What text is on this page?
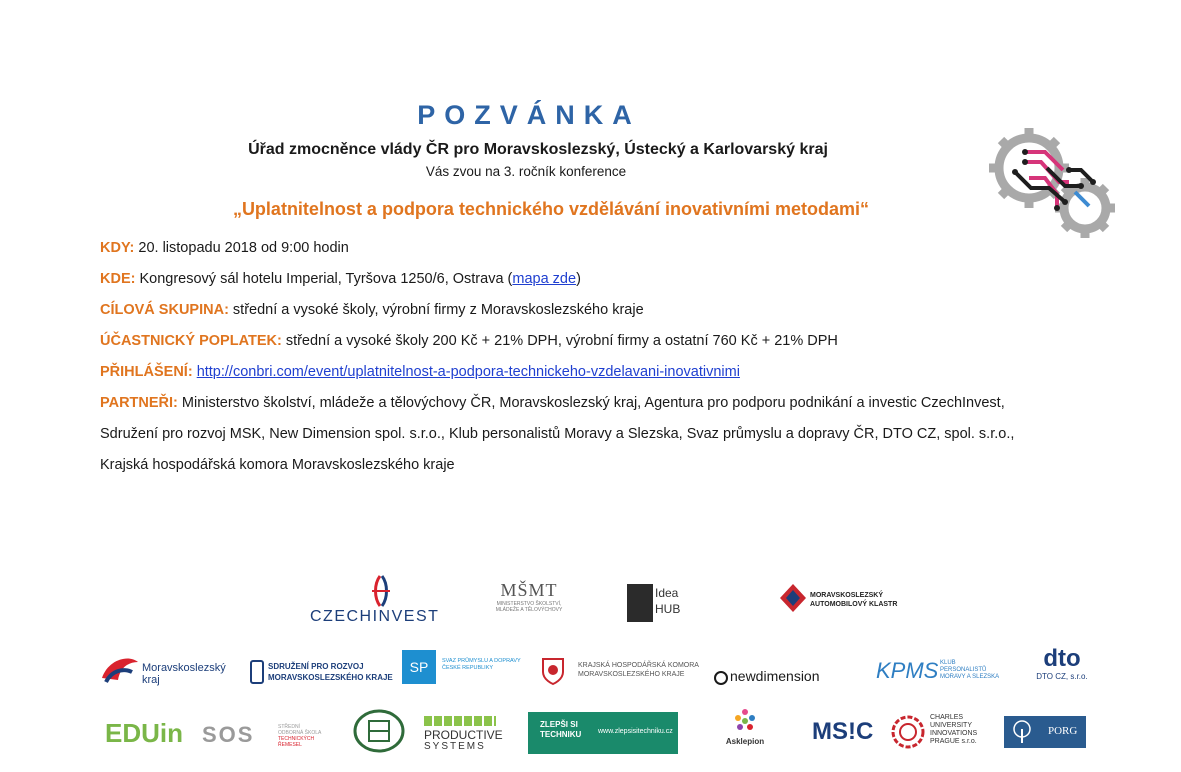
POZVÁNKA
Úřad zmocněnce vlády ČR pro Moravskoslezský, Ústecký a Karlovarský kraj
Vás zvou na 3. ročník konference
„Uplatnitelnost a podpora technického vzdělávání inovativními metodami“
KDY: 20. listopadu 2018 od 9:00 hodin
KDE: Kongresový sál hotelu Imperial, Tyršova 1250/6, Ostrava (mapa zde)
CÍLOVÁ SKUPINA: střední a vysoké školy, výrobní firmy z Moravskoslezského kraje
ÚČASTNICKÝ POPLATEK: střední a vysoké školy 200 Kč + 21% DPH, výrobní firmy a ostatní 760 Kč + 21% DPH
PŘIHLÁŠENÍ: http://conbri.com/event/uplatnitelnost-a-podpora-technickeho-vzdelavani-inovativnimi
PARTNEŘI: Ministerstvo školství, mládeže a tělovýchovy ČR, Moravskoslezský kraj, Agentura pro podporu podnikání a investic CzechInvest,
Sdružení pro rozvoj MSK, New Dimension spol. s.r.o., Klub personalistů Moravy a Slezska, Svaz průmyslu a dopravy ČR, DTO CZ, spol. s.r.o.,
Krajská hospodářská komora Moravskoslezského kraje
CZECHINVEST
MŠMT
MINISTERSTVO ŠKOLSTVÍ, MLÁDEŽE A TĚLOVÝCHOVY
Idea
HUB
MORAVSKOSLEZSKÝ
AUTOMOBILOVÝ KLASTR
Moravskoslezský
kraj
SDRUŽENÍ PRO ROZVOJ
MORAVSKOSLEZSKÉHO KRAJE
SP	SVAZ PRŮMYSLU A DOPRAVY
ČESKÉ REPUBLIKY	KRAJSKÁ HOSPODÁŘSKÁ KOMORA
MORAVSKOSLEZSKÉHO KRAJE	newdimension	KPMS KLUB
PERSONALISTŮ
MORAVY A SLEZSKA
dto
DTO CZ, s.r.o.
EDUin SOS	STŘEDNÍ
ODBORNÁ ŠKOLA
TECHNICKÝCH
ŘEMESEL
PRODUCTIVE
SYSTEMS
ZLEPŠI SI
TECHNIKU www.zlepsisitechniku.cz
Asklepion MS!C
CHARLES
UNIVERSITY
INNOVATIONS
PRAGUE s.r.o.
PORG
